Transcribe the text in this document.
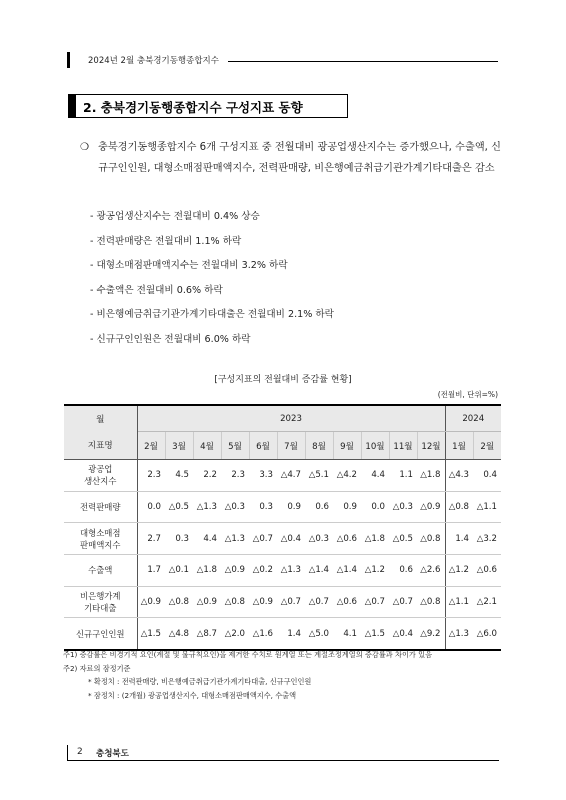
2024년 2월 충북경기동행종합지수
2. 충북경기동행종합지수 구성지표 동향
❍ 충북경기동행종합지수 6개 구성지표 중 전월대비 광공업생산지수는 증가했으나, 수출액, 신규구인인원, 대형소매점판매액지수, 전력판매량, 비은행예금취급기관가계기타대출은 감소
- 광공업생산지수는 전월대비 0.4% 상승
- 전력판매량은 전월대비 1.1% 하락
- 대형소매점판매액지수는 전월대비 3.2% 하락
- 수출액은 전월대비 0.6% 하락
- 비은행예금취급기관가계기타대출은 전월대비 2.1% 하락
- 신규구인인원은 전월대비 6.0% 하락
[구성지표의 전월대비 증감률 현황]
(전월비, 단위=%)
월	2023											2024	
지표명	2월	3월	4월	5월	6월	7월	8월	9월	10월	11월	12월	1월	2월
광공업
생산지수	2.3	4.5	2.2	2.3	3.3	△4.7	△5.1	△4.2	4.4	1.1	△1.8	△4.3	0.4
전력판매량	0.0	△0.5	△1.3	△0.3	0.3	0.9	0.6	0.9	0.0	△0.3	△0.9	△0.8	△1.1
대형소매점
판매액지수	2.7	0.3	4.4	△1.3	△0.7	△0.4	△0.3	△0.6	△1.8	△0.5	△0.8	1.4	△3.2
수출액	1.7	△0.1	△1.8	△0.9	△0.2	△1.3	△1.4	△1.4	△1.2	0.6	△2.6	△1.2	△0.6
비은행가계
기타대출	△0.9	△0.8	△0.9	△0.8	△0.9	△0.7	△0.7	△0.6	△0.7	△0.7	△0.8	△1.1	△2.1
신규구인인원	△1.5	△4.8	△8.7	△2.0	△1.6	1.4	△5.0	4.1	△1.5	△0.4	△9.2	△1.3	△6.0
주1) 증감률은 비경기적 요인(계절 및 불규칙요인)을 제거한 수치로 원계열 또는 계절조정계열의 증감률과 차이가 있음
주2) 자료의 잠정기준
* 확정치 : 전력판매량, 비은행예금취급기관가계기타대출, 신규구인인원
* 잠정치 : (2개월) 광공업생산지수, 대형소매점판매액지수, 수출액
2 충청북도
